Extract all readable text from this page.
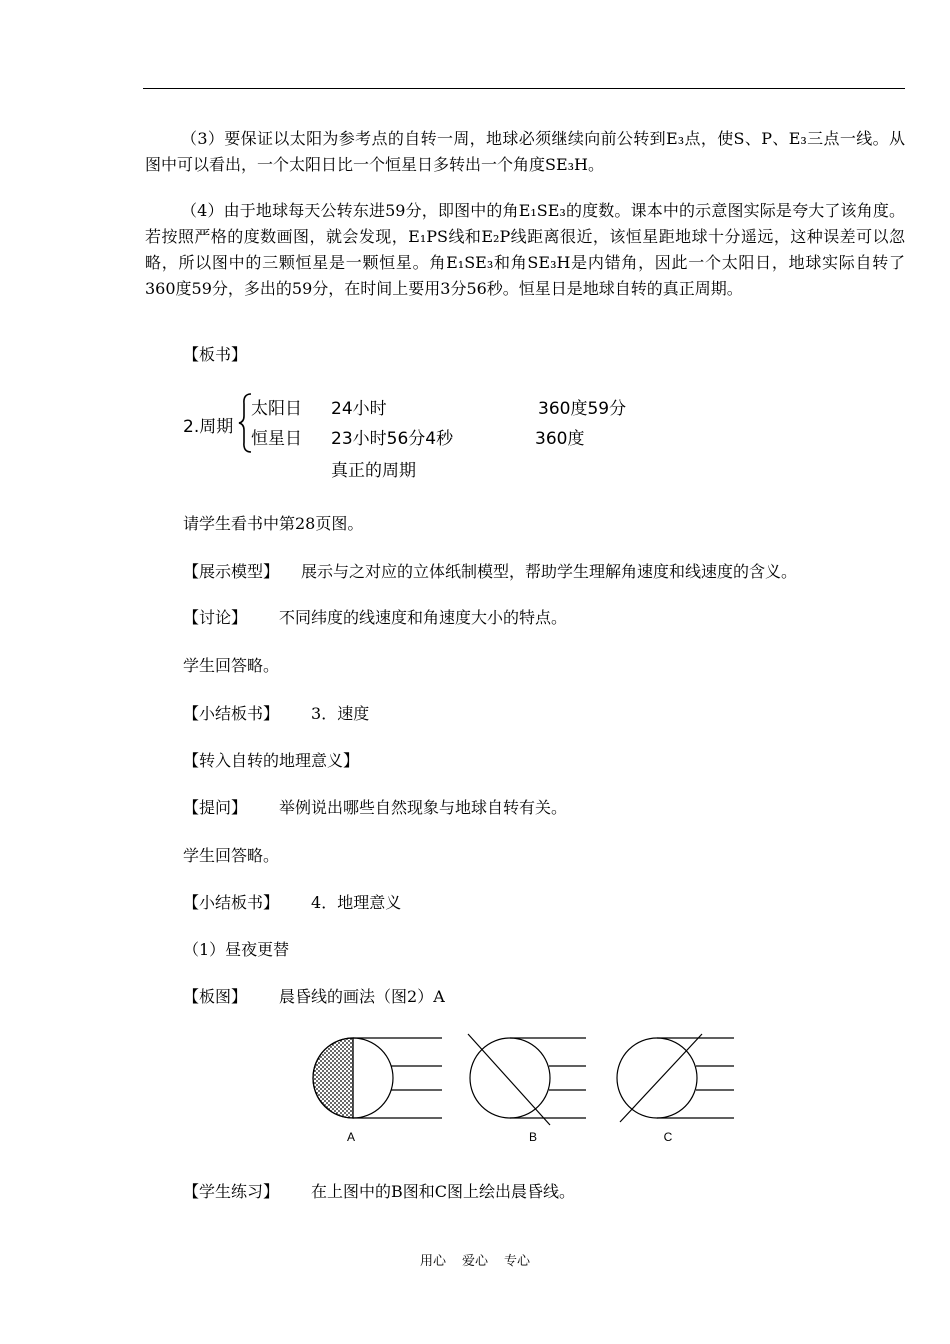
（3）要保证以太阳为参考点的自转一周，地球必须继续向前公转到E₃点，使S、P、E₃三点一线。从图中可以看出，一个太阳日比一个恒星日多转出一个角度SE₃H。

（4）由于地球每天公转东进59分，即图中的角E₁SE₃的度数。课本中的示意图实际是夸大了该角度。若按照严格的度数画图，就会发现，E₁PS线和E₂P线距离很近，该恒星距地球十分遥远，这种误差可以忽略，所以图中的三颗恒星是一颗恒星。角E₁SE₃和角SE₃H是内错角，因此一个太阳日，地球实际自转了360度59分，多出的59分，在时间上要用3分56秒。恒星日是地球自转的真正周期。

【板书】
2.周期
太阳日 24小时	360度59分
恒星日 23小时56分4秒	360度
真正的周期
请学生看书中第28页图。
【展示模型】 展示与之对应的立体纸制模型，帮助学生理解角速度和线速度的含义。
【讨论】 不同纬度的线速度和角速度大小的特点。
学生回答略。
【小结板书】 3．速度
【转入自转的地理意义】
【提问】 举例说出哪些自然现象与地球自转有关。
学生回答略。
【小结板书】 4．地理意义
（1）昼夜更替
【板图】 晨昏线的画法（图2）A
A	B	C
【学生练习】 在上图中的B图和C图上绘出晨昏线。
用心 爱心 专心
